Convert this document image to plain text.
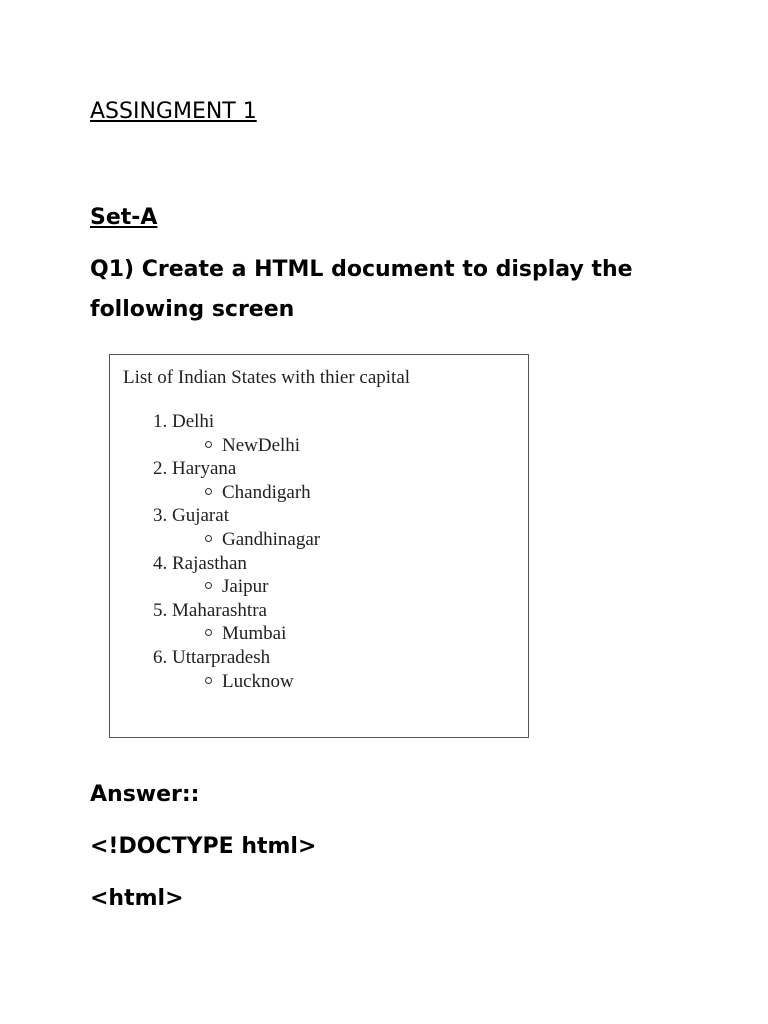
ASSINGMENT 1
Set-A

Q1) Create a HTML document to display the following screen

List of Indian States with thier capital

1. Delhi
NewDelhi
2. Haryana
Chandigarh
3. Gujarat
Gandhinagar
4. Rajasthan
Jaipur
5. Maharashtra
Mumbai
6. Uttarpradesh
Lucknow

Answer::

<!DOCTYPE html>

<html>
